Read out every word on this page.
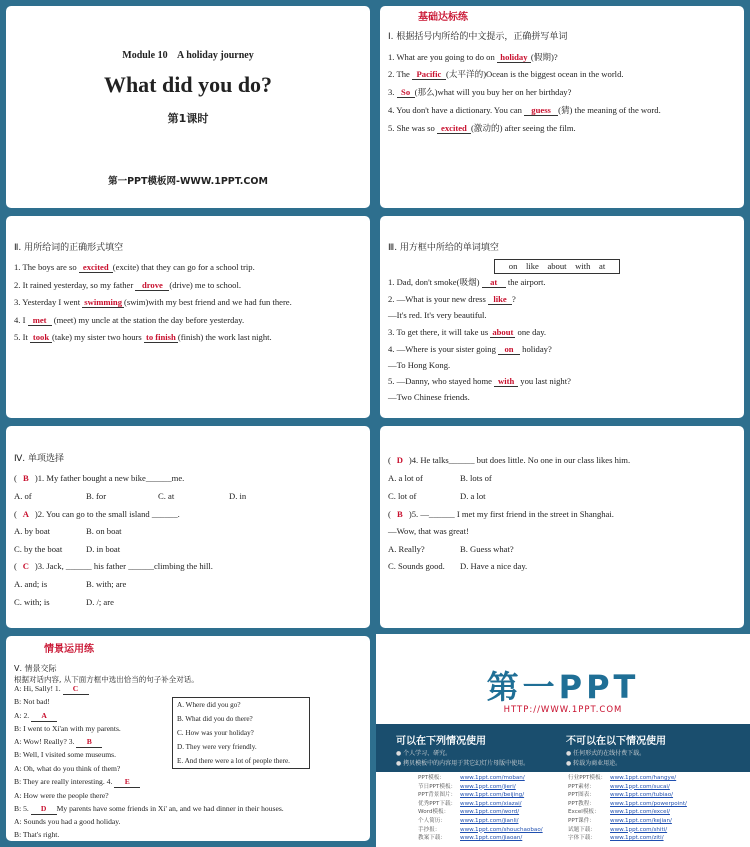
Module 10    A holiday journey
What did you do?
第1课时
第一PPT模板网-WWW.1PPT.COM
基础达标练
Ⅰ. 根据括号内所给的中文提示，正确拼写单词
1. What are you going to do on holiday (假期)?
2. The Pacific (太平洋的)Ocean is the biggest ocean in the world.
3. So (那么)what will you buy her on her birthday?
4. You don't have a dictionary. You can guess (猜) the meaning of the word.
5. She was so excited (激动的) after seeing the film.
Ⅱ. 用所给词的正确形式填空
1. The boys are so excited (excite) that they can go for a school trip.
2. It rained yesterday, so my father drove (drive) me to school.
3. Yesterday I went swimming (swim)with my best friend and we had fun there.
4. I met (meet) my uncle at the station the day before yesterday.
5. It took (take) my sister two hours to finish (finish) the work last night.
Ⅲ. 用方框中所给的单词填空
on    like    about    with    at
1. Dad, don't smoke(吸烟) at the airport.
2. —What is your new dress like ?
—It's red. It's very beautiful.
3. To get there, it will take us about one day.
4. —Where is your sister going on holiday?
—To Hong Kong.
5. —Danny, who stayed home with you last night?
—Two Chinese friends.
Ⅳ. 单项选择
( B )1. My father bought a new bike______me.
A. of	B. for	C. at	D. in
( A )2. You can go to the small island ______.
A. by boat	B. on boat
C. by the boat	D. in boat
( C )3. Jack, ______ his father ______climbing the hill.
A. and; is	B. with; are
C. with; is	D. /; are
( D )4. He talks______ but does little. No one in our class likes him.
A. a lot of	B. lots of
C. lot of	D. a lot
( B )5. —______ I met my first friend in the street in Shanghai.
—Wow, that was great!
A. Really?	B. Guess what?
C. Sounds good. D. Have a nice day.
情景运用练
Ⅴ. 情景交际
根据对话内容, 从下面方框中选出恰当的句子补全对话。
A: Hi, Sally! 1. C
B: Not bad!
A: 2. A
B: I went to Xi'an with my parents.
A: Wow! Really? 3. B
B: Well, I visited some museums.
A: Oh, what do you think of them?
B: They are really interesting. 4. E
A: How were the people there?
B: 5. D My parents have some friends in Xi' an, and we had dinner in their houses.
A: Sounds you had a good holiday.
B: That's right.
A. Where did you go?
B. What did you do there?
C. How was your holiday?
D. They were very friendly.
E. And there were a lot of people there.
第一PPT
HTTP://WWW.1PPT.COM
可以在下列情况使用
● 个人学习、研究。
● 拷贝模板中的内容用于其它幻灯片母版中使用。
不可以在以下情况使用
● 任何形式的在线付费下载。
● 转载为商业用途。
PPT模板：	www.1ppt.com/moban/
节日PPT模板： www.1ppt.com/jieri/
PPT背景图片： www.1ppt.com/beijing/
优秀PPT下载： www.1ppt.com/xiazai/
Word模板： www.1ppt.com/word/
个人简历：	www.1ppt.com/jianli/
手抄报：	www.1ppt.com/shouchaobao/
教案下载：	www.1ppt.com/jiaoan/
行业PPT模板： www.1ppt.com/hangye/
PPT素材：	www.1ppt.com/sucai/
PPT图表：	www.1ppt.com/tubiao/
PPT教程：	www.1ppt.com/powerpoint/
Excel模板： www.1ppt.com/excel/
PPT课件：	www.1ppt.com/kejian/
试题下载：	www.1ppt.com/shiti/
字体下载：	www.1ppt.com/ziti/
